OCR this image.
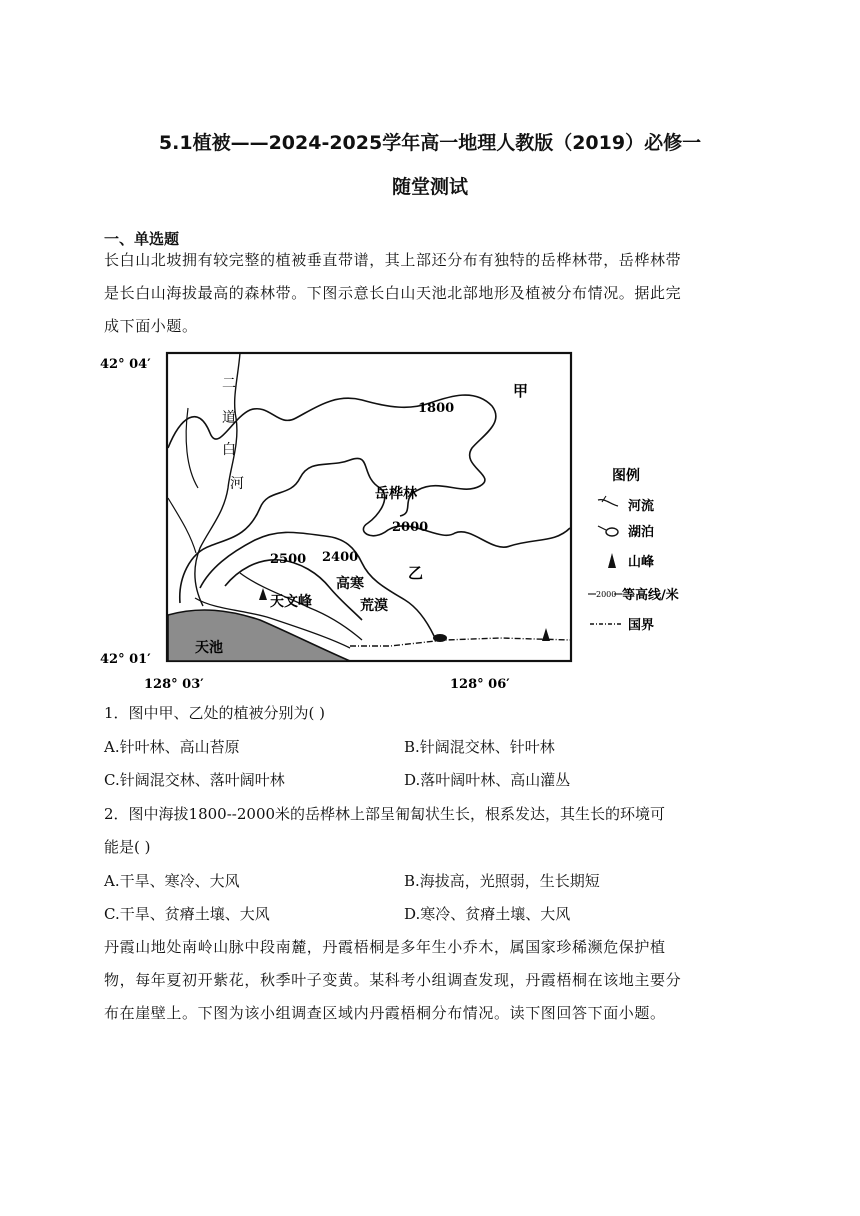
5.1植被——2024-2025学年高一地理人教版（2019）必修一
随堂测试
一、单选题
长白山北坡拥有较完整的植被垂直带谱，其上部还分布有独特的岳桦林带，岳桦林带
是长白山海拔最高的森林带。下图示意长白山天池北部地形及植被分布情况。据此完
成下面小题。
42° 04′
42° 01′
128° 03′	128° 06′
二
道
白
河
甲
乙
岳桦林
高寒
荒漠
天文峰
天池
1800
2000
2400
2500
图例
河流
湖泊
山峰
2000 等高线/米
国界
1．图中甲、乙处的植被分别为( )
A.针叶林、高山苔原	B.针阔混交林、针叶林
C.针阔混交林、落叶阔叶林	D.落叶阔叶林、高山灌丛
2．图中海拔1800--2000米的岳桦林上部呈匍匐状生长，根系发达，其生长的环境可
能是( )
A.干旱、寒冷、大风	B.海拔高，光照弱，生长期短
C.干旱、贫瘠土壤、大风	D.寒冷、贫瘠土壤、大风
丹霞山地处南岭山脉中段南麓，丹霞梧桐是多年生小乔木，属国家珍稀濒危保护植
物，每年夏初开紫花，秋季叶子变黄。某科考小组调查发现，丹霞梧桐在该地主要分
布在崖壁上。下图为该小组调查区域内丹霞梧桐分布情况。读下图回答下面小题。
